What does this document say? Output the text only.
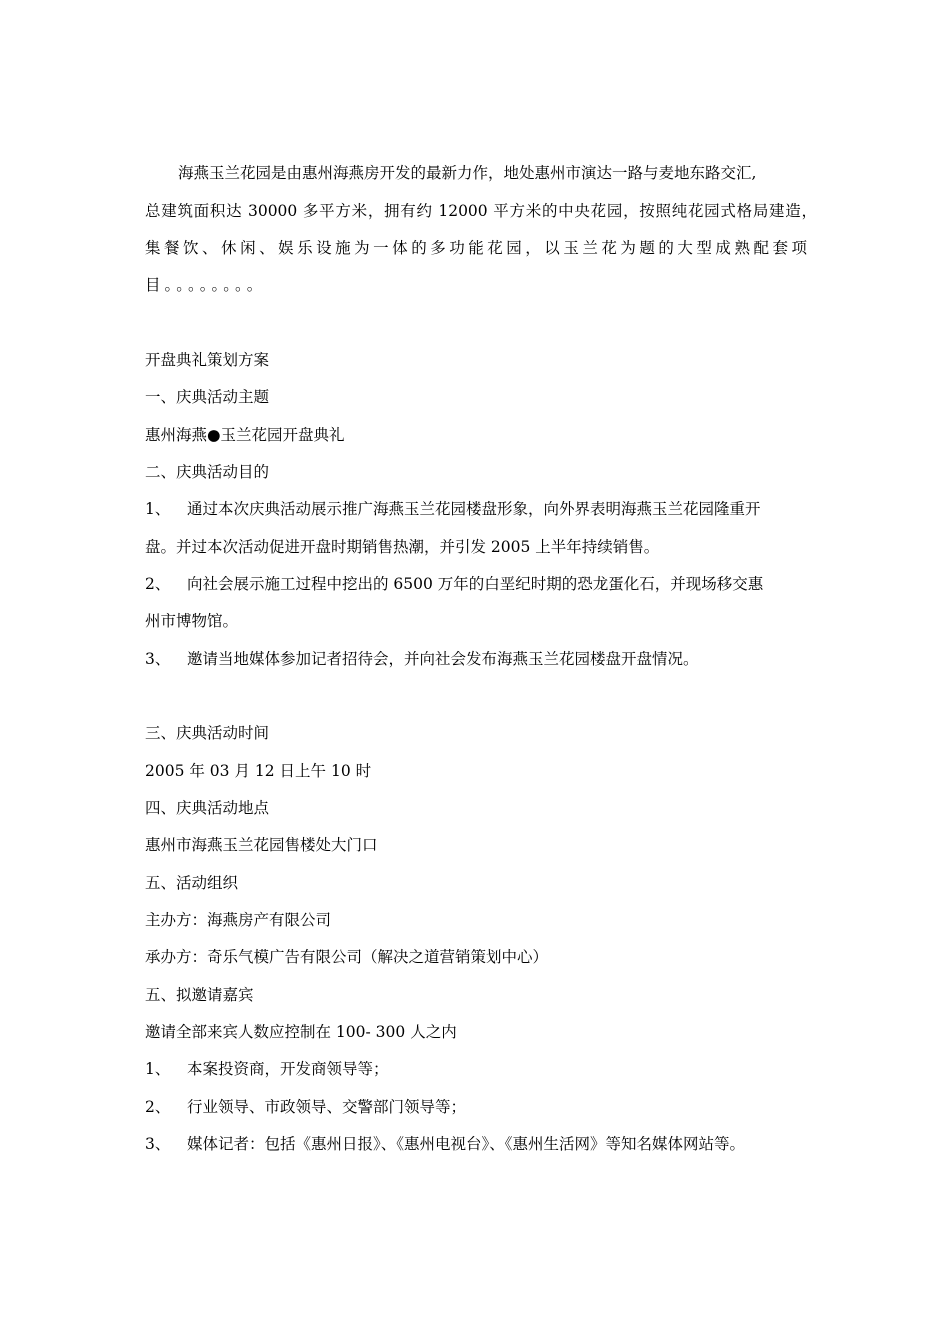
海燕玉兰花园是由惠州海燕房开发的最新力作，地处惠州市演达一路与麦地东路交汇,
总建筑面积达 30000 多平方米，拥有约 12000 平方米的中央花园，按照纯花园式格局建造，
集餐饮、休闲、娱乐设施为一体的多功能花园，以玉兰花为题的大型成熟配套项
目。。。。。。。。
开盘典礼策划方案
一、庆典活动主题
惠州海燕●玉兰花园开盘典礼
二、庆典活动目的
1、 通过本次庆典活动展示推广海燕玉兰花园楼盘形象，向外界表明海燕玉兰花园隆重开
盘。并过本次活动促进开盘时期销售热潮，并引发 2005 上半年持续销售。
2、 向社会展示施工过程中挖出的 6500 万年的白垩纪时期的恐龙蛋化石，并现场移交惠
州市博物馆。
3、 邀请当地媒体参加记者招待会，并向社会发布海燕玉兰花园楼盘开盘情况。
三、庆典活动时间
2005 年 03 月 12 日上午 10 时
四、庆典活动地点
惠州市海燕玉兰花园售楼处大门口
五、活动组织
主办方：海燕房产有限公司
承办方：奇乐气模广告有限公司（解决之道营销策划中心）
五、拟邀请嘉宾
邀请全部来宾人数应控制在 100- 300 人之内
1、 本案投资商，开发商领导等；
2、 行业领导、市政领导、交警部门领导等；
3、 媒体记者：包括《惠州日报》、《惠州电视台》、《惠州生活网》等知名媒体网站等。
